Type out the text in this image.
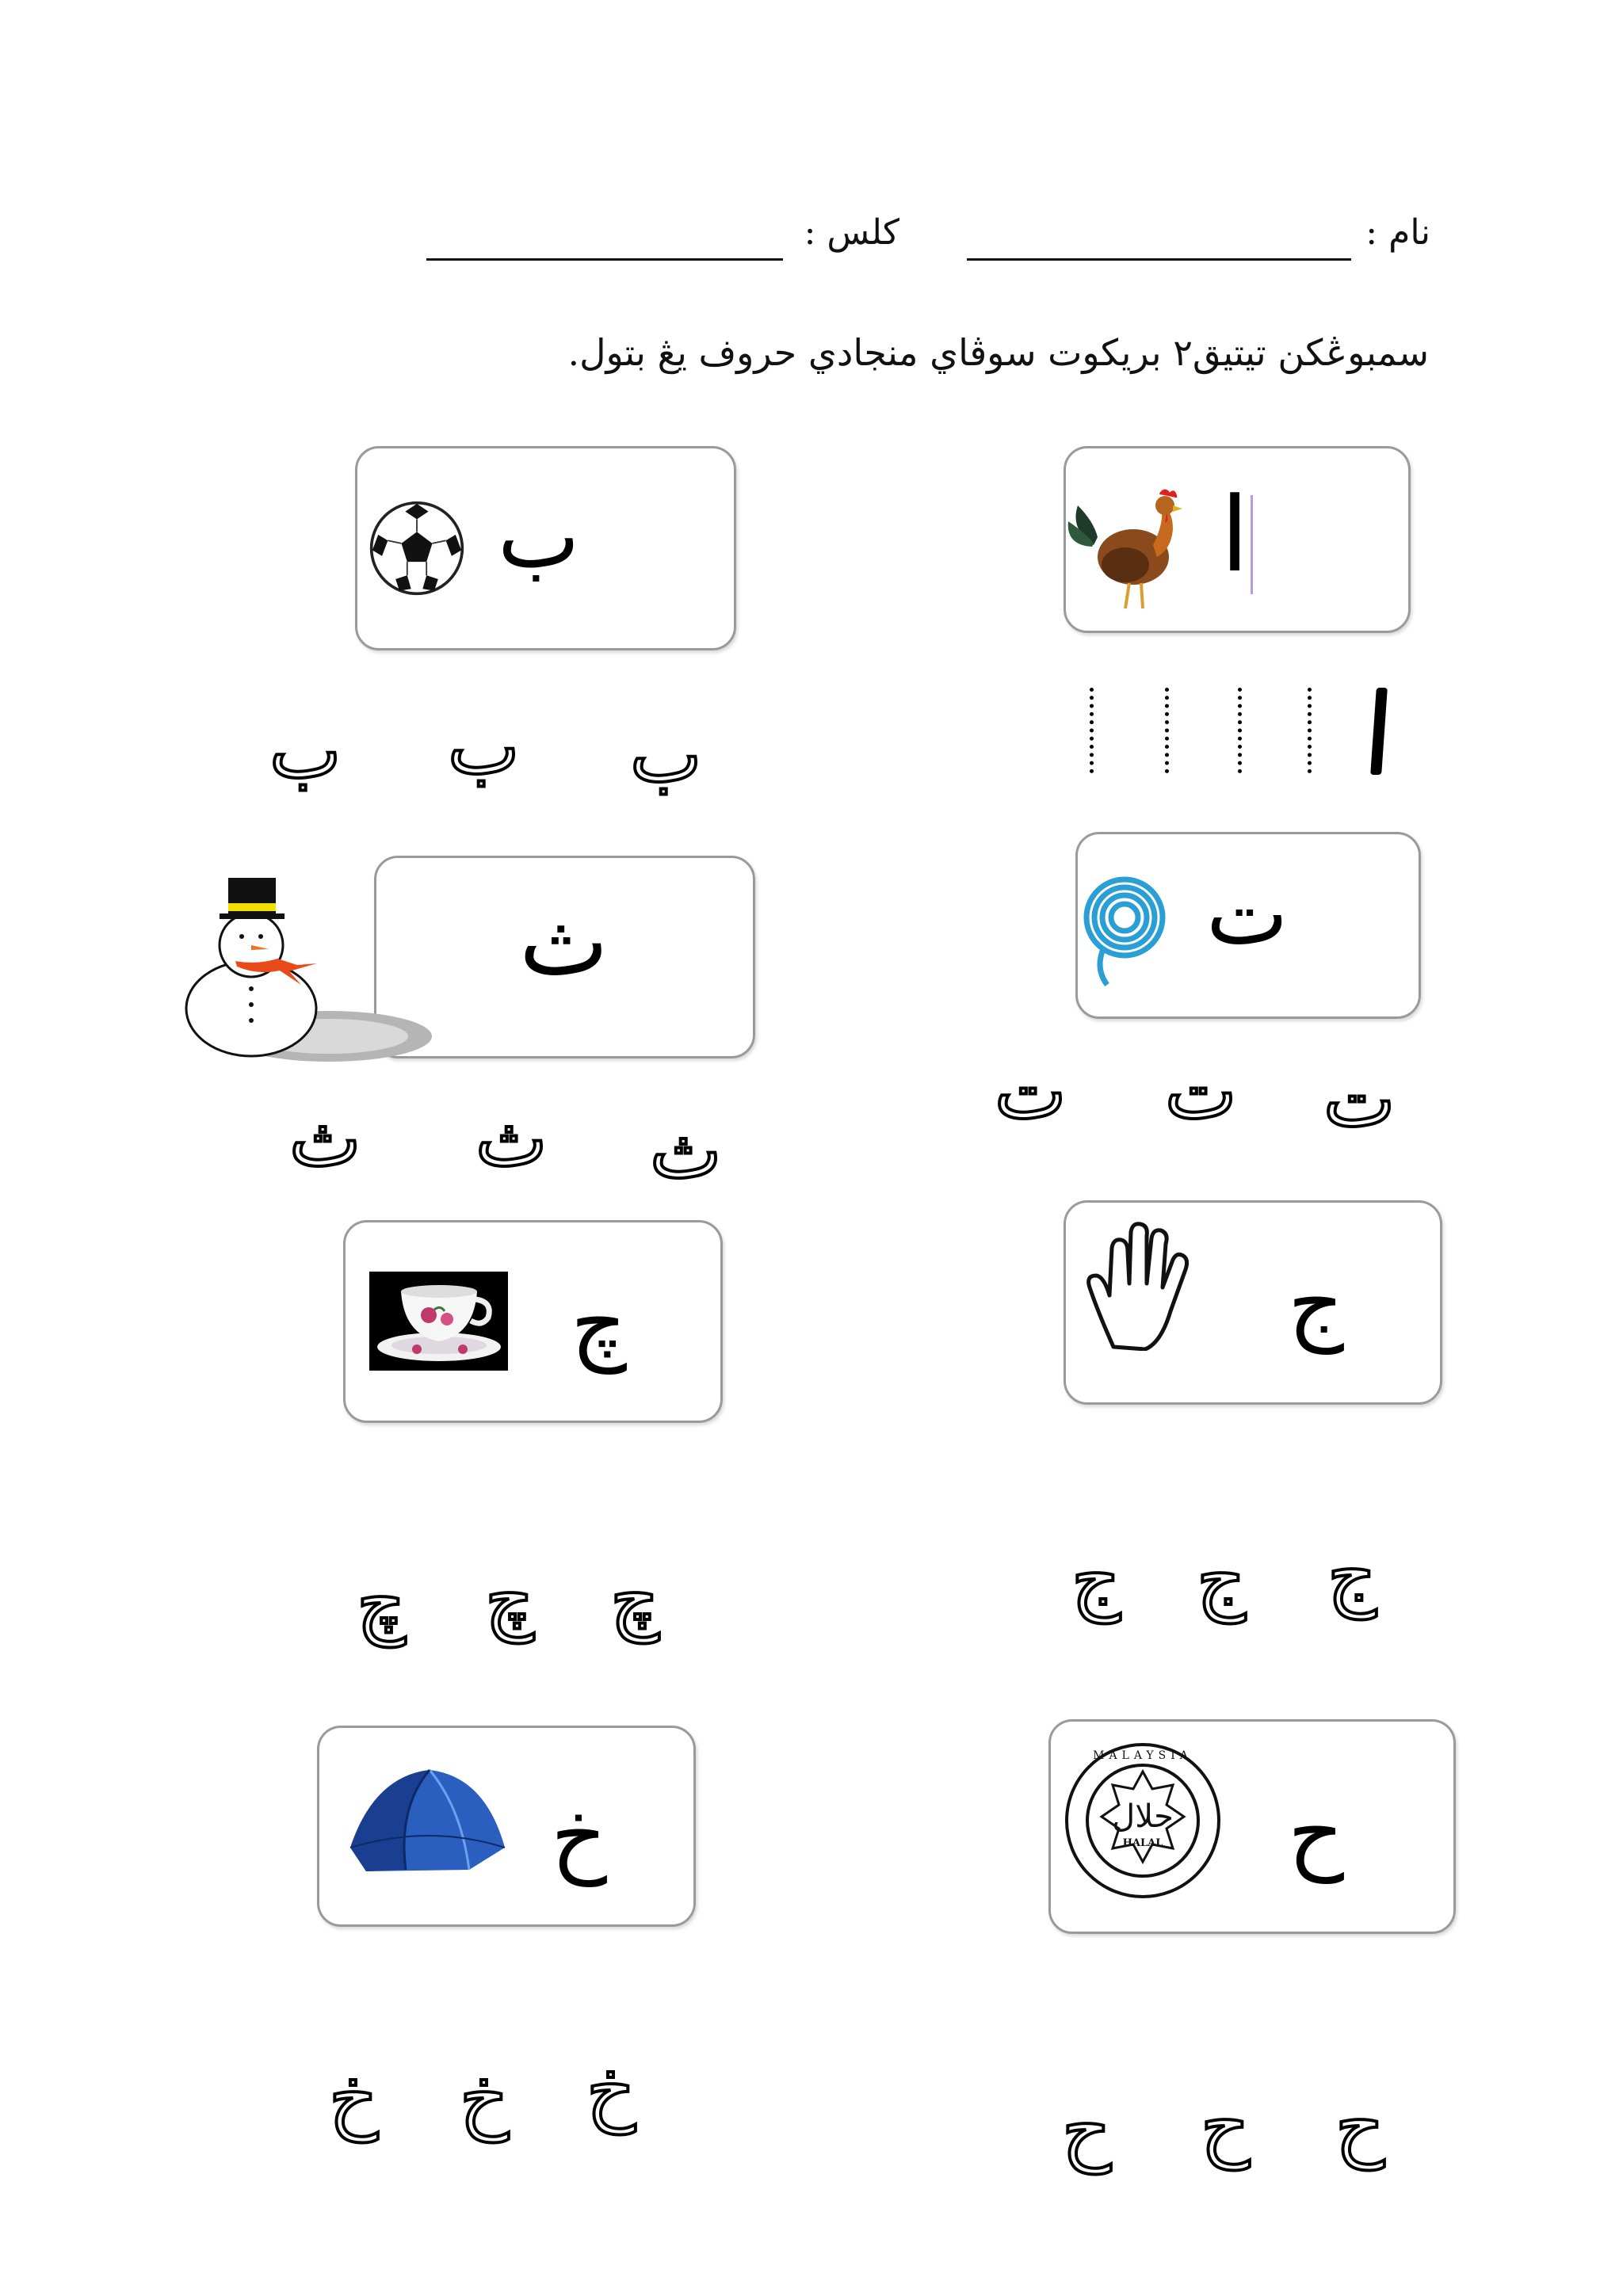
نام :
كلس :
سمبوڠكن تيتيق٢ بريكوت سوڤاي منجادي حروف يڠ بتول.
ا
ب
ب ب ب
ت
ث
ت ت ت
ث ث ث
ج
چ
ج ج ج
چ چ چ
حلال
HALAL
MALAYSIA
ح
خ
خ خ خ	ح ح ح
